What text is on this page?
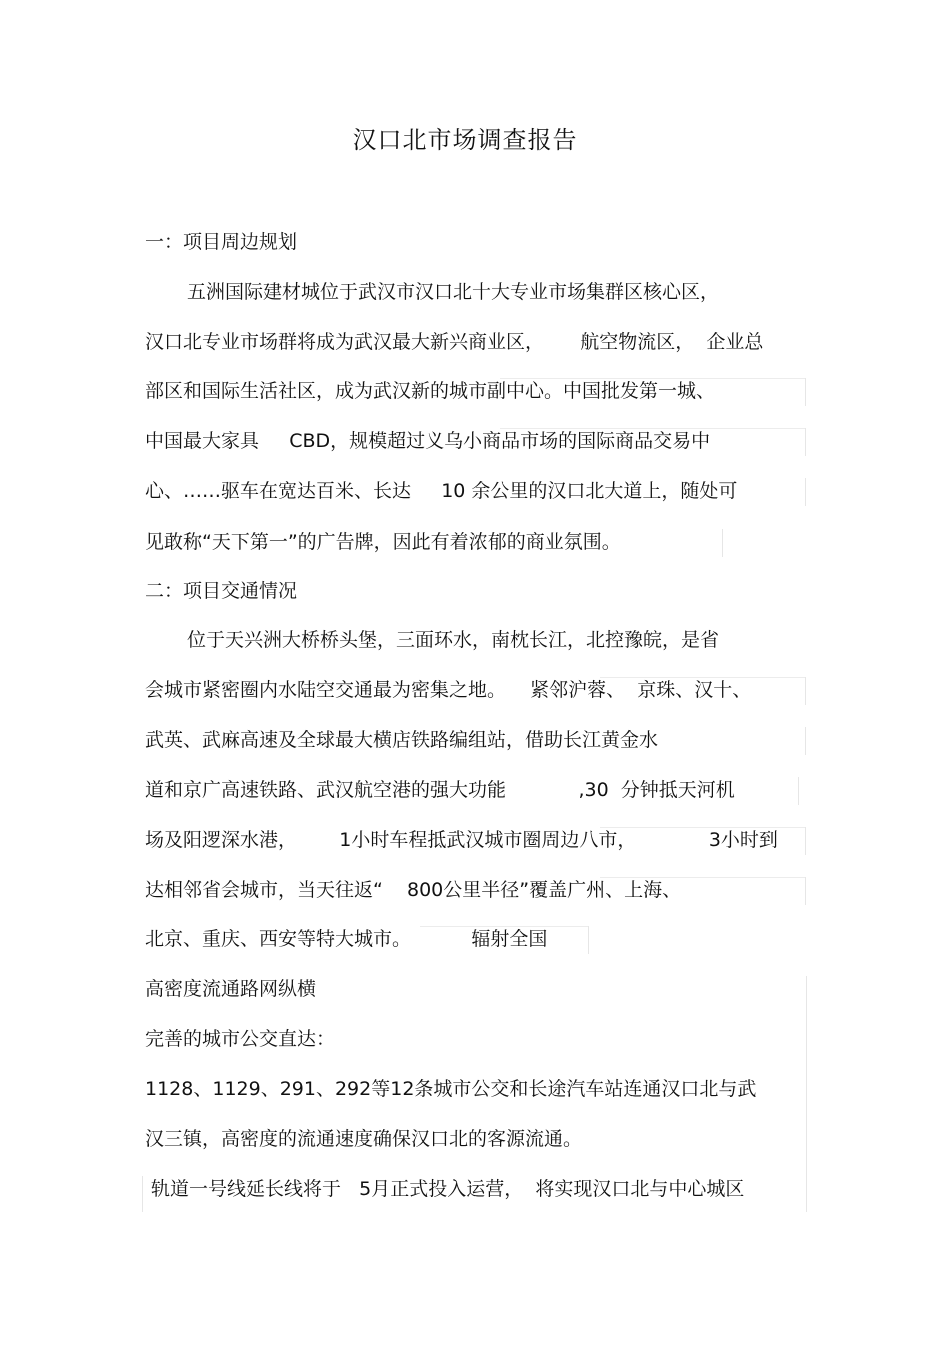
汉口北市场调查报告
一：项目周边规划
五洲国际建材城位于武汉市汉口北十大专业市场集群区核心区，
汉口北专业市场群将成为武汉最大新兴商业区，      航空物流区，  企业总
部区和国际生活社区，成为武汉新的城市副中心。中国批发第一城、
中国最大家具     CBD，规模超过义乌小商品市场的国际商品交易中
心、……驱车在宽达百米、长达     10 余公里的汉口北大道上，随处可
见敢称“天下第一”的广告牌，因此有着浓郁的商业氛围。
二：项目交通情况
位于天兴洲大桥桥头堡，三面环水，南枕长江，北控豫皖，是省
会城市紧密圈内水陆空交通最为密集之地。    紧邻沪蓉、  京珠、汉十、
武英、武麻高速及全球最大横店铁路编组站，借助长江黄金水
道和京广高速铁路、武汉航空港的强大功能            ,30  分钟抵天河机
场及阳逻深水港，       1小时车程抵武汉城市圈周边八市，            3小时到
达相邻省会城市，当天往返“    800公里半径”覆盖广州、上海、
北京、重庆、西安等特大城市。          辐射全国
高密度流通路网纵横
完善的城市公交直达：
1128、1129、291、292等12条城市公交和长途汽车站连通汉口北与武
汉三镇，高密度的流通速度确保汉口北的客源流通。
轨道一号线延长线将于   5月正式投入运营，  将实现汉口北与中心城区
